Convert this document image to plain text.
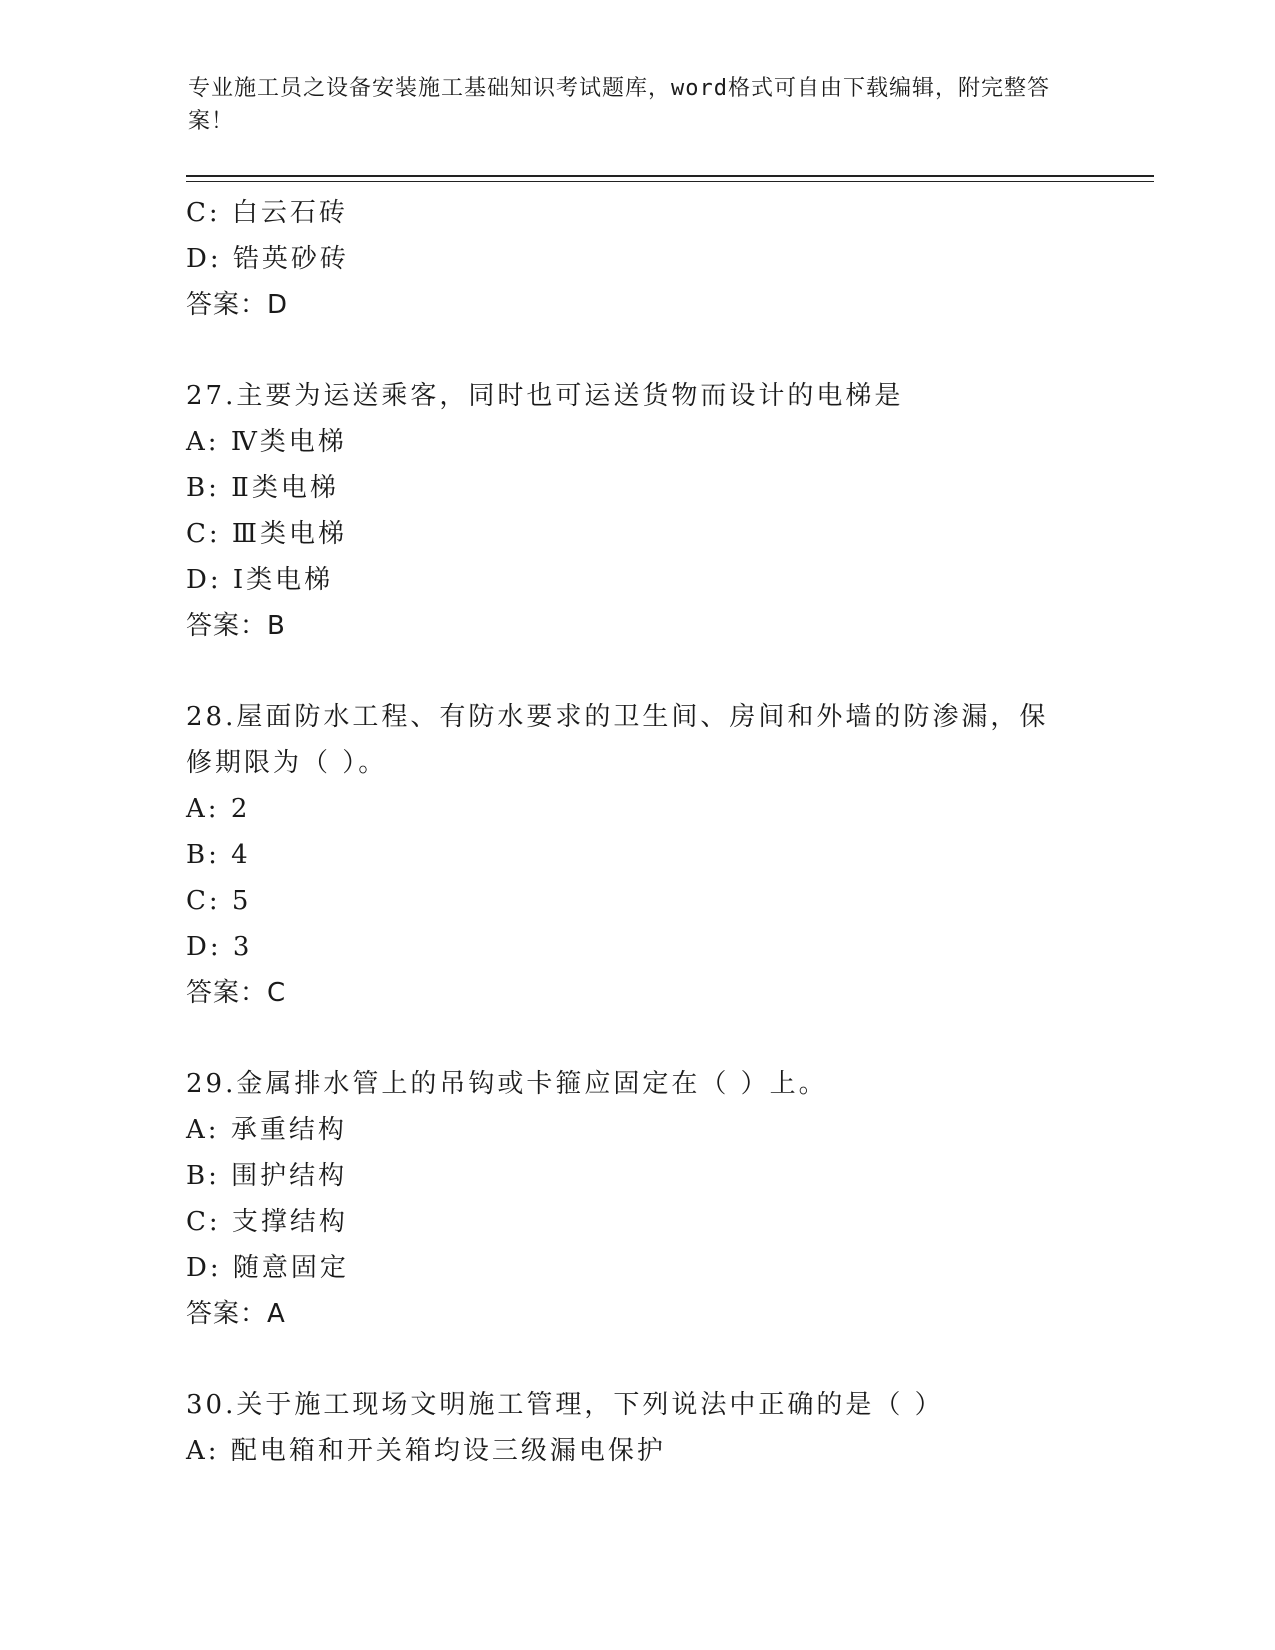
专业施工员之设备安装施工基础知识考试题库，word格式可自由下载编辑，附完整答案！
C: 白云石砖
D: 锆英砂砖
答案：D
27.主要为运送乘客，同时也可运送货物而设计的电梯是
A: Ⅳ类电梯
B: Ⅱ类电梯
C: Ⅲ类电梯
D: Ⅰ类电梯
答案：B
28.屋面防水工程、有防水要求的卫生间、房间和外墙的防渗漏，保修期限为（ ）。
A: 2
B: 4
C: 5
D: 3
答案：C
29.金属排水管上的吊钩或卡箍应固定在（ ）上。
A: 承重结构
B: 围护结构
C: 支撑结构
D: 随意固定
答案：A
30.关于施工现场文明施工管理，下列说法中正确的是（ ）
A: 配电箱和开关箱均设三级漏电保护
